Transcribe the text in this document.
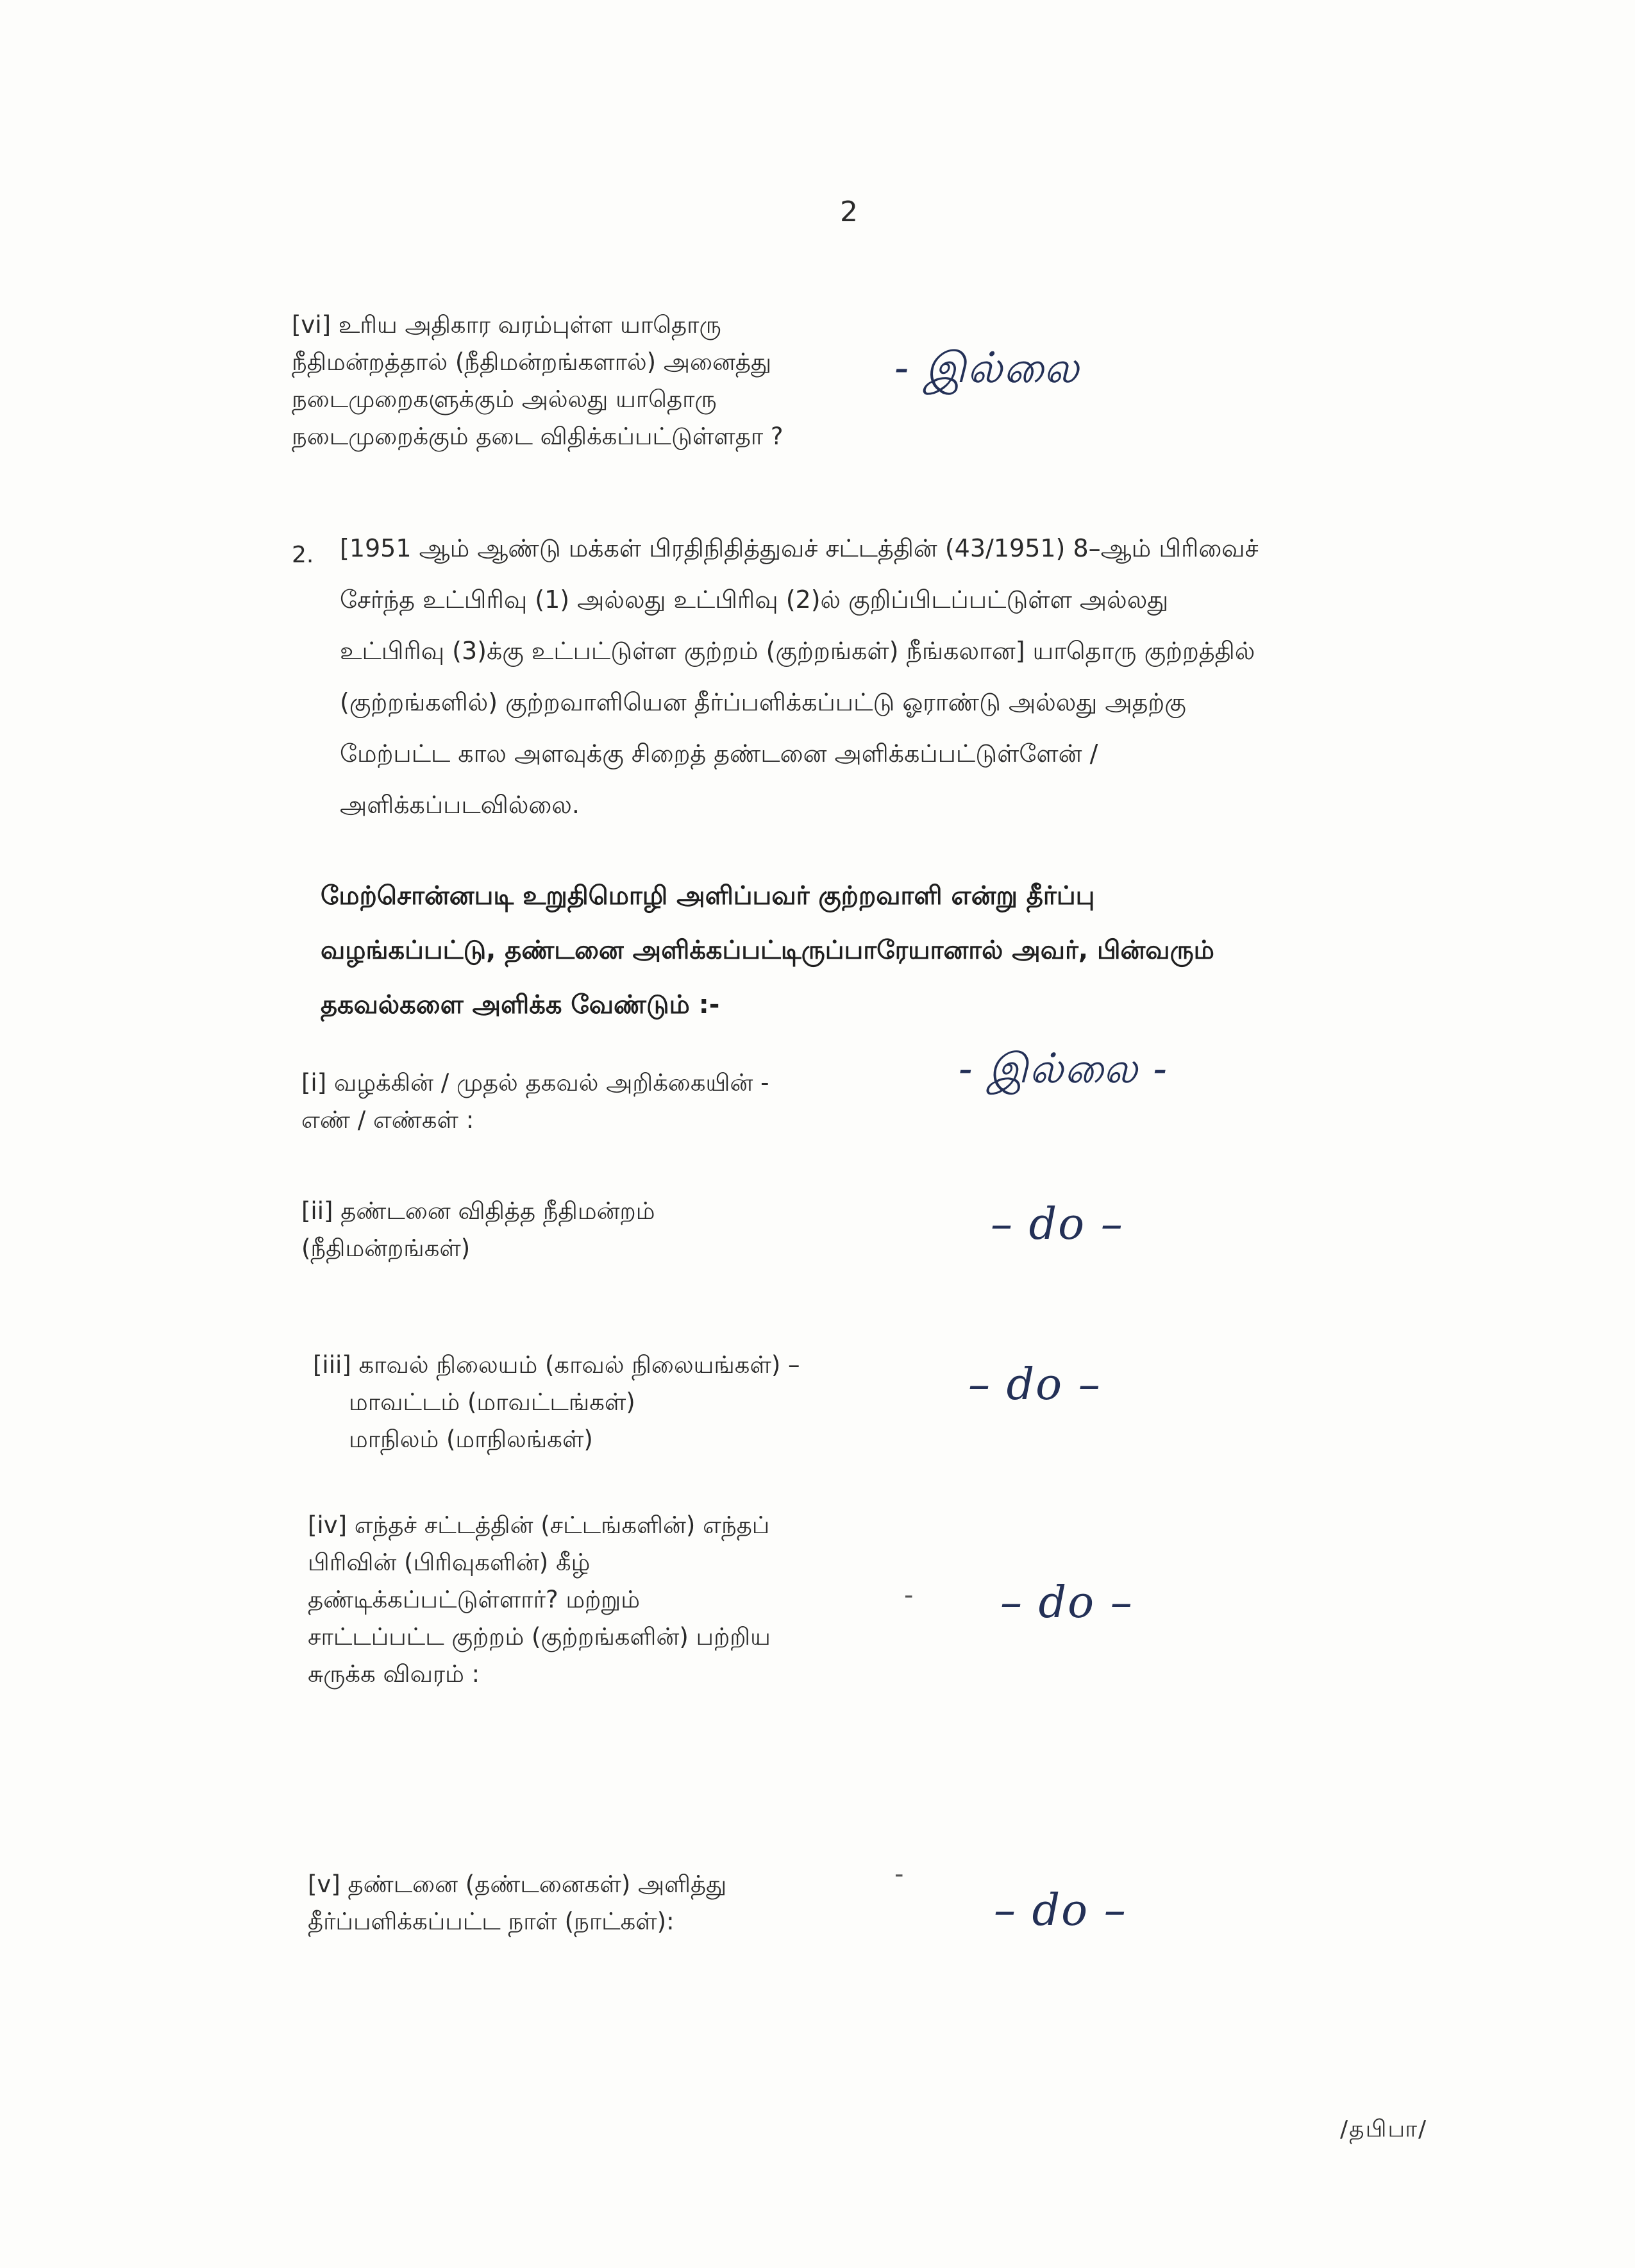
2
[vi] உரிய அதிகார வரம்புள்ள யாதொரு
நீதிமன்றத்தால் (நீதிமன்றங்களால்) அனைத்து
நடைமுறைகளுக்கும் அல்லது யாதொரு
நடைமுறைக்கும் தடை விதிக்கப்பட்டுள்ளதா ?
- இல்லை
2. [1951 ஆம் ஆண்டு மக்கள் பிரதிநிதித்துவச் சட்டத்தின் (43/1951) 8–ஆம் பிரிவைச்
சேர்ந்த உட்பிரிவு (1) அல்லது உட்பிரிவு (2)ல் குறிப்பிடப்பட்டுள்ள அல்லது
உட்பிரிவு (3)க்கு உட்பட்டுள்ள குற்றம் (குற்றங்கள்) நீங்கலான] யாதொரு குற்றத்தில்
(குற்றங்களில்) குற்றவாளியென தீர்ப்பளிக்கப்பட்டு ஓராண்டு அல்லது அதற்கு
மேற்பட்ட கால அளவுக்கு சிறைத் தண்டனை அளிக்கப்பட்டுள்ளேன் /
அளிக்கப்படவில்லை.
மேற்சொன்னபடி உறுதிமொழி அளிப்பவர் குற்றவாளி என்று தீர்ப்பு
வழங்கப்பட்டு, தண்டனை அளிக்கப்பட்டிருப்பாரேயானால் அவர், பின்வரும்
தகவல்களை அளிக்க வேண்டும் :-
[i] வழக்கின் / முதல் தகவல் அறிக்கையின் -
எண் / எண்கள் :
- இல்லை -
[ii] தண்டனை விதித்த நீதிமன்றம்
(நீதிமன்றங்கள்)	– do –
[iii] காவல் நிலையம் (காவல் நிலையங்கள்) –
மாவட்டம் (மாவட்டங்கள்)
மாநிலம் (மாநிலங்கள்)
– do –
[iv] எந்தச் சட்டத்தின் (சட்டங்களின்) எந்தப்
பிரிவின் (பிரிவுகளின்) கீழ்
தண்டிக்கப்பட்டுள்ளார்? மற்றும்
சாட்டப்பட்ட குற்றம் (குற்றங்களின்) பற்றிய
சுருக்க விவரம் :
- – do –
[v] தண்டனை (தண்டனைகள்) அளித்து
தீர்ப்பளிக்கப்பட்ட நாள் (நாட்கள்):
-
– do –
/தபிபா/
